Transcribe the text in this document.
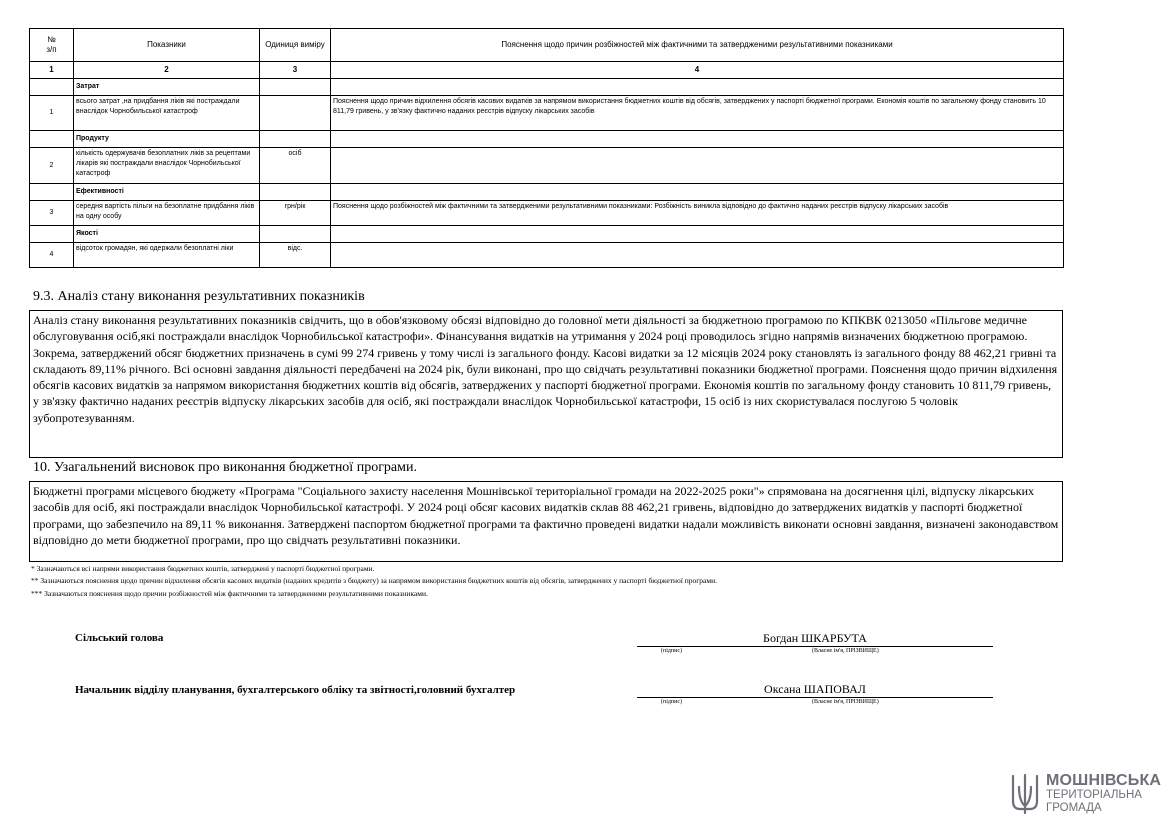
№
з/п	Показники	Одиниця виміру	Пояснення щодо причин розбіжностей між фактичними та затвердженими результативними показниками
1	2	3	4
	Затрат		
1	всього затрат ,на придбання ліків які постраждали внаслідок Чорнобильської катастроф		Пояснення щодо причин відхилення обсягів касових видатків за напрямом використання бюджетних коштів від обсягів, затверджених у паспорті бюджетної програми. Економія коштів по загальному фонду становить 10 811,79 гривень, у зв'язку фактично наданих реєстрів відпуску лікарських засобів
	Продукту		
2	кількість одержувачів безоплатних ліків за рецептами лікарів які постраждали внаслідок Чорнобильської катастроф	осіб	
	Ефективності		
3	середня вартість пільги на безоплатне придбання ліків на одну особу	грн/рік	Пояснення щодо розбіжностей між фактичними та затвердженими результативними показниками: Розбіжність виникла відповідно до фактично наданих реєстрів відпуску лікарських засобів
	Якості		
4	відсоток громадян, які одержали безоплатні ліки	відс.	
9.3. Аналіз стану виконання результативних показників
Аналіз стану виконання результативних показників свідчить, що в обов'язковому обсязі відповідно до головної мети діяльності за бюджетною програмою по КПКВК 0213050 «Пільгове медичне обслуговування осіб,які постраждали внаслідок Чорнобильської катастрофи». Фінансування видатків на утримання у 2024 році проводилось згідно напрямів визначених бюджетною програмою. Зокрема, затверджений обсяг бюджетних призначень в сумі 99 274 гривень у тому числі із загального фонду. Касові видатки за 12 місяців 2024 року становлять із загального фонду 88 462,21 гривні та складають 89,11% річного. Всі основні завдання діяльності передбачені на 2024 рік, були виконані, про що свідчать результативні показники бюджетної програми. Пояснення щодо причин відхилення обсягів касових видатків за напрямом використання бюджетних коштів від обсягів, затверджених у паспорті бюджетної програми. Економія коштів по загальному фонду становить 10 811,79 гривень, у зв'язку фактично наданих реєстрів відпуску лікарських засобів для осіб, які постраждали внаслідок Чорнобильської катастрофи, 15 осіб із них скористувалася послугою 5 чоловік зубопротезуванням.
10. Узагальнений висновок про виконання бюджетної програми.
Бюджетні програми місцевого бюджету «Програма "Соціального захисту населення Мошнівської територіальної громади на 2022-2025 роки"» спрямована на досягнення цілі, відпуску лікарських засобів для осіб, які постраждали внаслідок Чорнобильської катастрофі. У 2024 році обсяг касових видатків склав 88 462,21 гривень, відповідно до затверджених видатків у паспорті бюджетної програми, що забезпечило на 89,11 % виконання. Затверджені паспортом бюджетної програми та фактично проведені видатки надали можливість виконати основні завдання, визначені законодавством відповідно до мети бюджетної програми, про що свідчать результативні показники.
* Зазначаються всі напрями використання бюджетних коштів, затверджені у паспорті бюджетної програми.
** Зазначаються пояснення щодо причин відхилення обсягів касових видатків (наданих кредитів з бюджету) за напрямом використання бюджетних коштів від обсягів, затверджених у паспорті бюджетної програми.
*** Зазначаються пояснення щодо причин розбіжностей між фактичними та затвердженими результативними показниками.
Сільський голова	Богдан ШКАРБУТА
(підпис)	(Власне ім'я, ПРІЗВИЩЕ)
Начальник відділу планування, бухгалтерського обліку та звітності,головний бухгалтер	Оксана ШАПОВАЛ
(підпис)	(Власне ім'я, ПРІЗВИЩЕ)
МОШНІВСЬКА
ТЕРИТОРІАЛЬНА
ГРОМАДА
